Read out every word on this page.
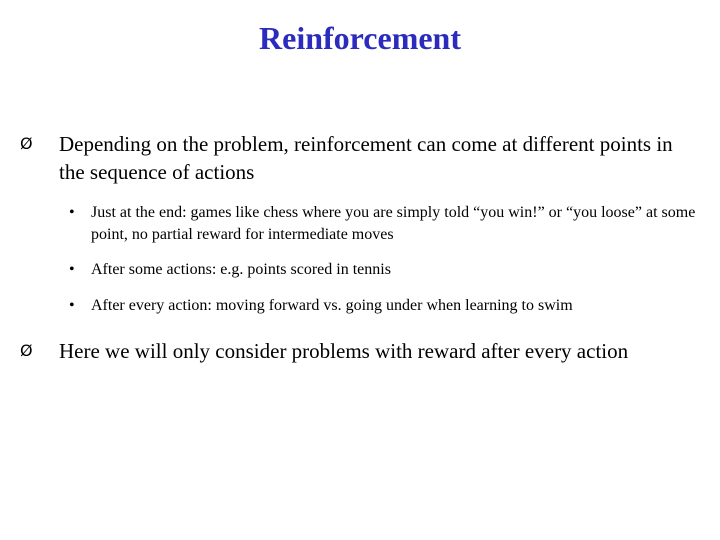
Reinforcement
Ø	Depending on the problem, reinforcement can come at different points in the sequence of actions
•	Just at the end: games like chess where you are simply told “you win!” or “you loose” at some point, no partial reward for intermediate moves
•	After some actions: e.g. points scored in tennis
•	After every action: moving forward vs. going under when learning to swim
Ø	Here we will only consider problems with reward after every action
